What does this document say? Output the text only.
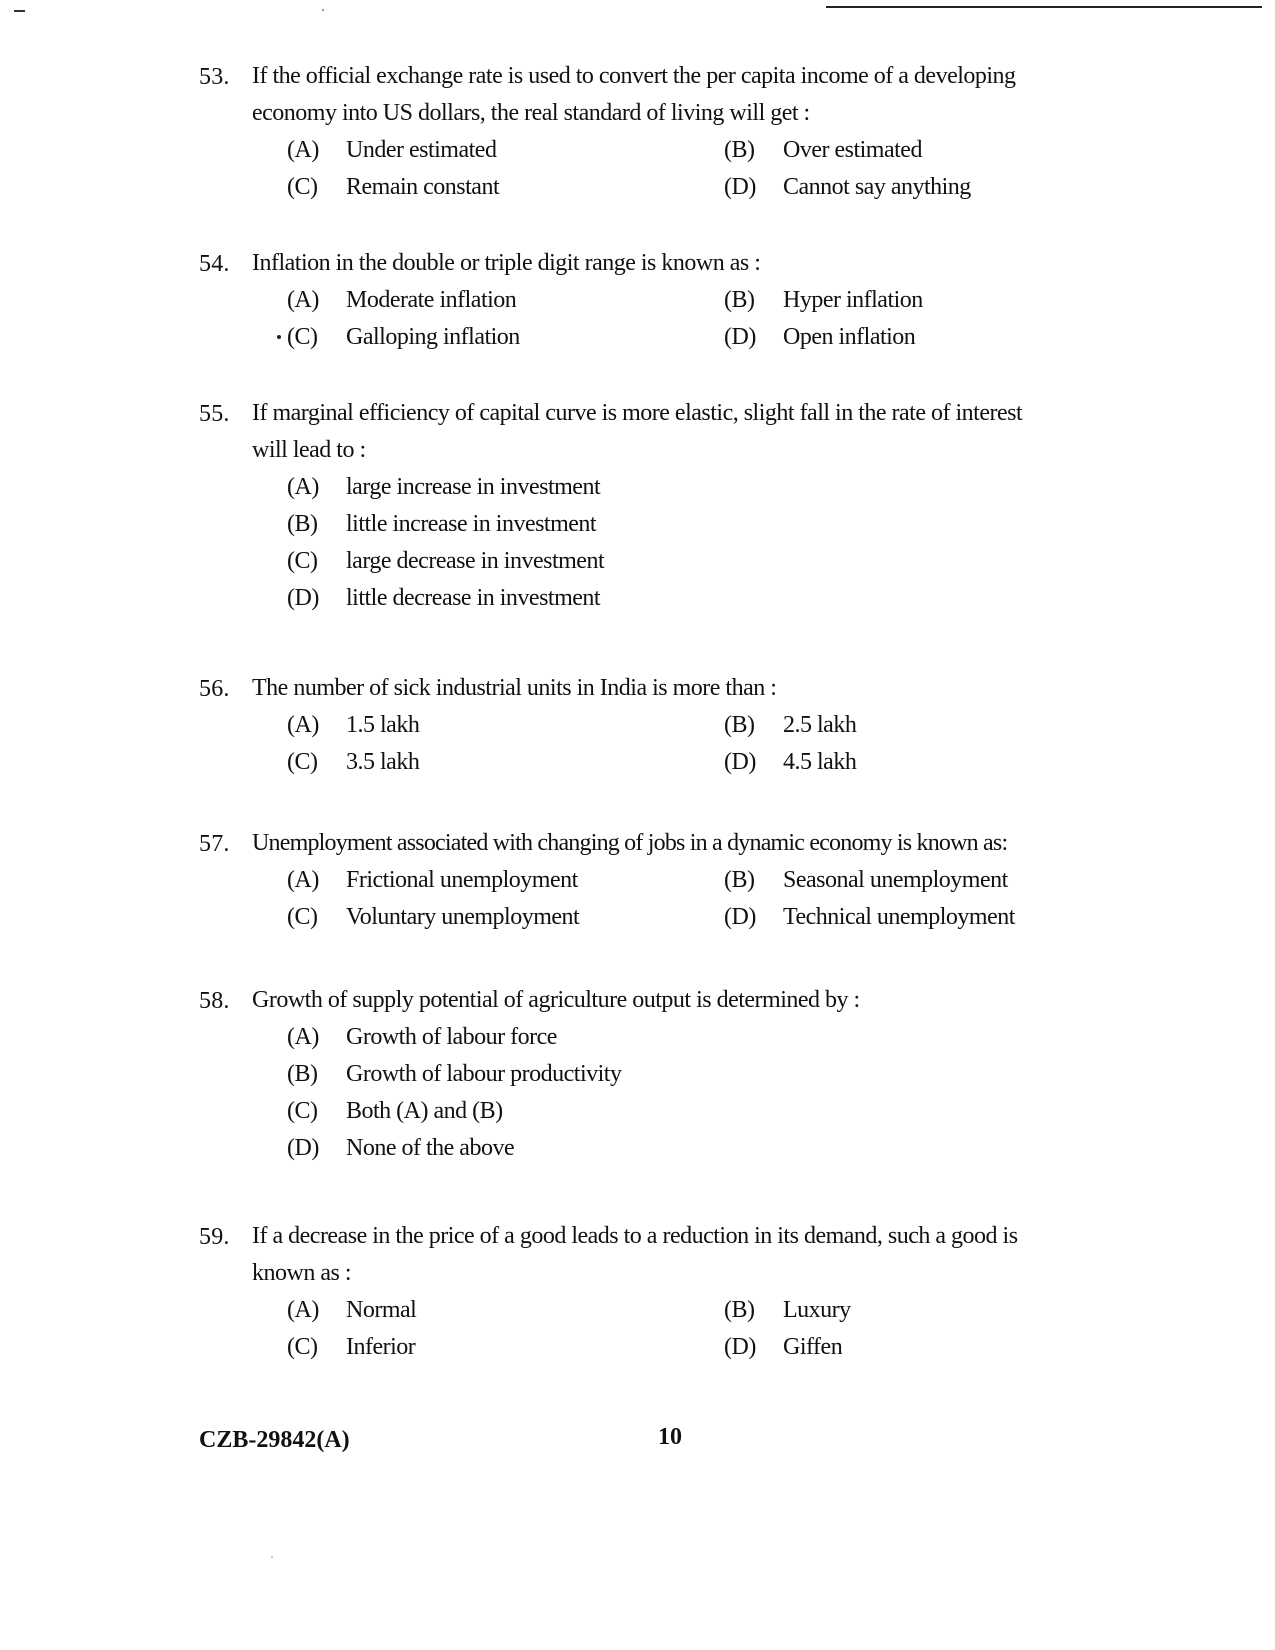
53. If the official exchange rate is used to convert the per capita income of a developing economy into US dollars, the real standard of living will get :
(A) Under estimated	(B) Over estimated
(C) Remain constant	(D) Cannot say anything
54. Inflation in the double or triple digit range is known as :
(A) Moderate inflation	(B) Hyper inflation
(C) Galloping inflation	(D) Open inflation
55. If marginal efficiency of capital curve is more elastic, slight fall in the rate of interest will lead to :
(A) large increase in investment
(B) little increase in investment
(C) large decrease in investment
(D) little decrease in investment
56. The number of sick industrial units in India is more than :
(A) 1.5 lakh	(B) 2.5 lakh
(C) 3.5 lakh	(D) 4.5 lakh
57. Unemployment associated with changing of jobs in a dynamic economy is known as:
(A) Frictional unemployment	(B) Seasonal unemployment
(C) Voluntary unemployment	(D) Technical unemployment
58. Growth of supply potential of agriculture output is determined by :
(A) Growth of labour force
(B) Growth of labour productivity
(C) Both (A) and (B)
(D) None of the above
59. If a decrease in the price of a good leads to a reduction in its demand, such a good is known as :
(A) Normal	(B) Luxury
(C) Inferior	(D) Giffen
CZB-29842(A)	10
